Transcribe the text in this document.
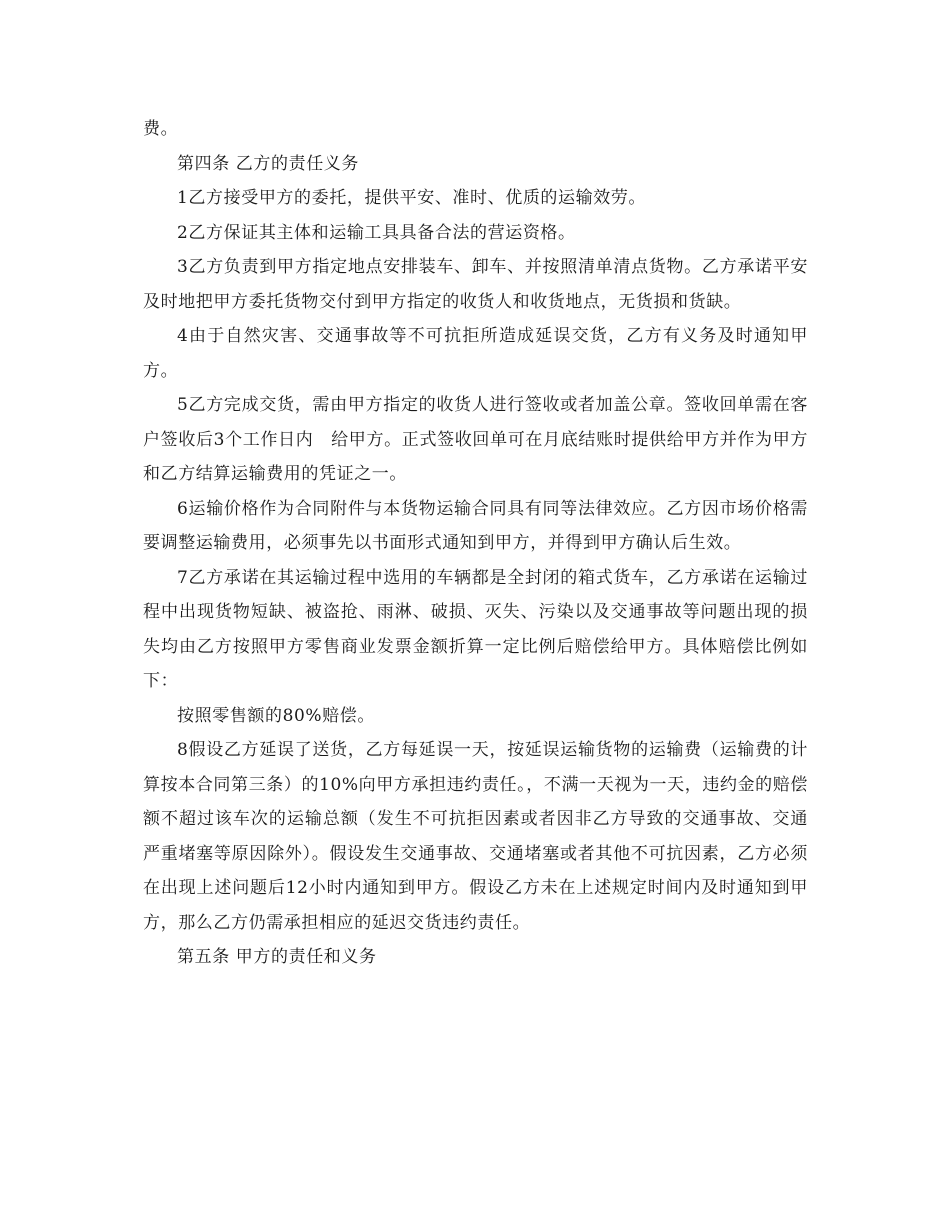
费。

第四条 乙方的责任义务

1乙方接受甲方的委托，提供平安、准时、优质的运输效劳。

2乙方保证其主体和运输工具具备合法的营运资格。

3乙方负责到甲方指定地点安排装车、卸车、并按照清单清点货物。乙方承诺平安及时地把甲方委托货物交付到甲方指定的收货人和收货地点，无货损和货缺。

4由于自然灾害、交通事故等不可抗拒所造成延误交货，乙方有义务及时通知甲方。

5乙方完成交货，需由甲方指定的收货人进行签收或者加盖公章。签收回单需在客户签收后3个工作日内　给甲方。正式签收回单可在月底结账时提供给甲方并作为甲方和乙方结算运输费用的凭证之一。

6运输价格作为合同附件与本货物运输合同具有同等法律效应。乙方因市场价格需要调整运输费用，必须事先以书面形式通知到甲方，并得到甲方确认后生效。

7乙方承诺在其运输过程中选用的车辆都是全封闭的箱式货车，乙方承诺在运输过程中出现货物短缺、被盗抢、雨淋、破损、灭失、污染以及交通事故等问题出现的损失均由乙方按照甲方零售商业发票金额折算一定比例后赔偿给甲方。具体赔偿比例如下：

按照零售额的80%赔偿。

8假设乙方延误了送货，乙方每延误一天，按延误运输货物的运输费（运输费的计算按本合同第三条）的10%向甲方承担违约责任。，不满一天视为一天，违约金的赔偿额不超过该车次的运输总额（发生不可抗拒因素或者因非乙方导致的交通事故、交通严重堵塞等原因除外）。假设发生交通事故、交通堵塞或者其他不可抗因素，乙方必须在出现上述问题后12小时内通知到甲方。假设乙方未在上述规定时间内及时通知到甲方，那么乙方仍需承担相应的延迟交货违约责任。

第五条 甲方的责任和义务
